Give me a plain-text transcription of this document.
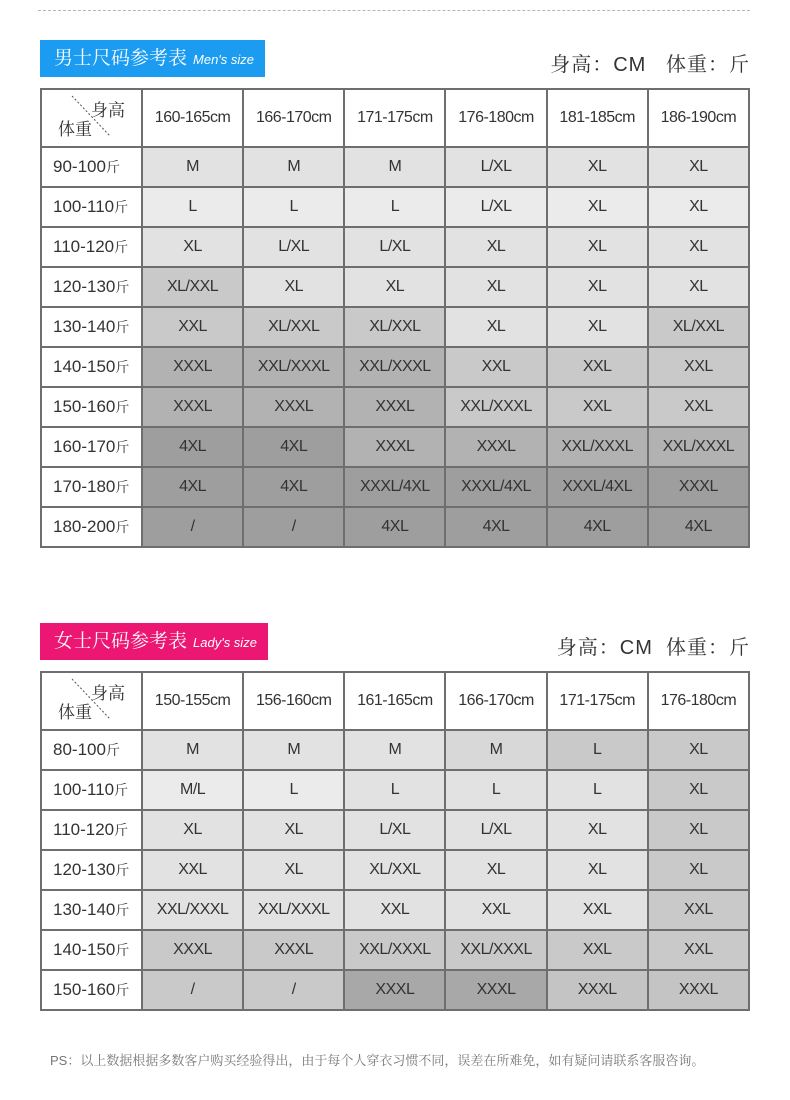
男士尺码参考表 Men's size	身高：CM   体重：斤
身高
体重	160-165cm	166-170cm	171-175cm	176-180cm	181-185cm	186-190cm
90-100斤	M	M	M	L/XL	XL	XL
100-110斤	L	L	L	L/XL	XL	XL
110-120斤	XL	L/XL	L/XL	XL	XL	XL
120-130斤	XL/XXL	XL	XL	XL	XL	XL
130-140斤	XXL	XL/XXL	XL/XXL	XL	XL	XL/XXL
140-150斤	XXXL	XXL/XXXL	XXL/XXXL	XXL	XXL	XXL
150-160斤	XXXL	XXXL	XXXL	XXL/XXXL	XXL	XXL
160-170斤	4XL	4XL	XXXL	XXXL	XXL/XXXL	XXL/XXXL
170-180斤	4XL	4XL	XXXL/4XL	XXXL/4XL	XXXL/4XL	XXXL
180-200斤	/	/	4XL	4XL	4XL	4XL
女士尺码参考表 Lady's size	身高：CM  体重：斤
身高
体重	150-155cm	156-160cm	161-165cm	166-170cm	171-175cm	176-180cm
80-100斤	M	M	M	M	L	XL
100-110斤	M/L	L	L	L	L	XL
110-120斤	XL	XL	L/XL	L/XL	XL	XL
120-130斤	XXL	XL	XL/XXL	XL	XL	XL
130-140斤	XXL/XXXL	XXL/XXXL	XXL	XXL	XXL	XXL
140-150斤	XXXL	XXXL	XXL/XXXL	XXL/XXXL	XXL	XXL
150-160斤	/	/	XXXL	XXXL	XXXL	XXXL
PS：以上数据根据多数客户购买经验得出，由于每个人穿衣习惯不同，误差在所难免，如有疑问请联系客服咨询。
